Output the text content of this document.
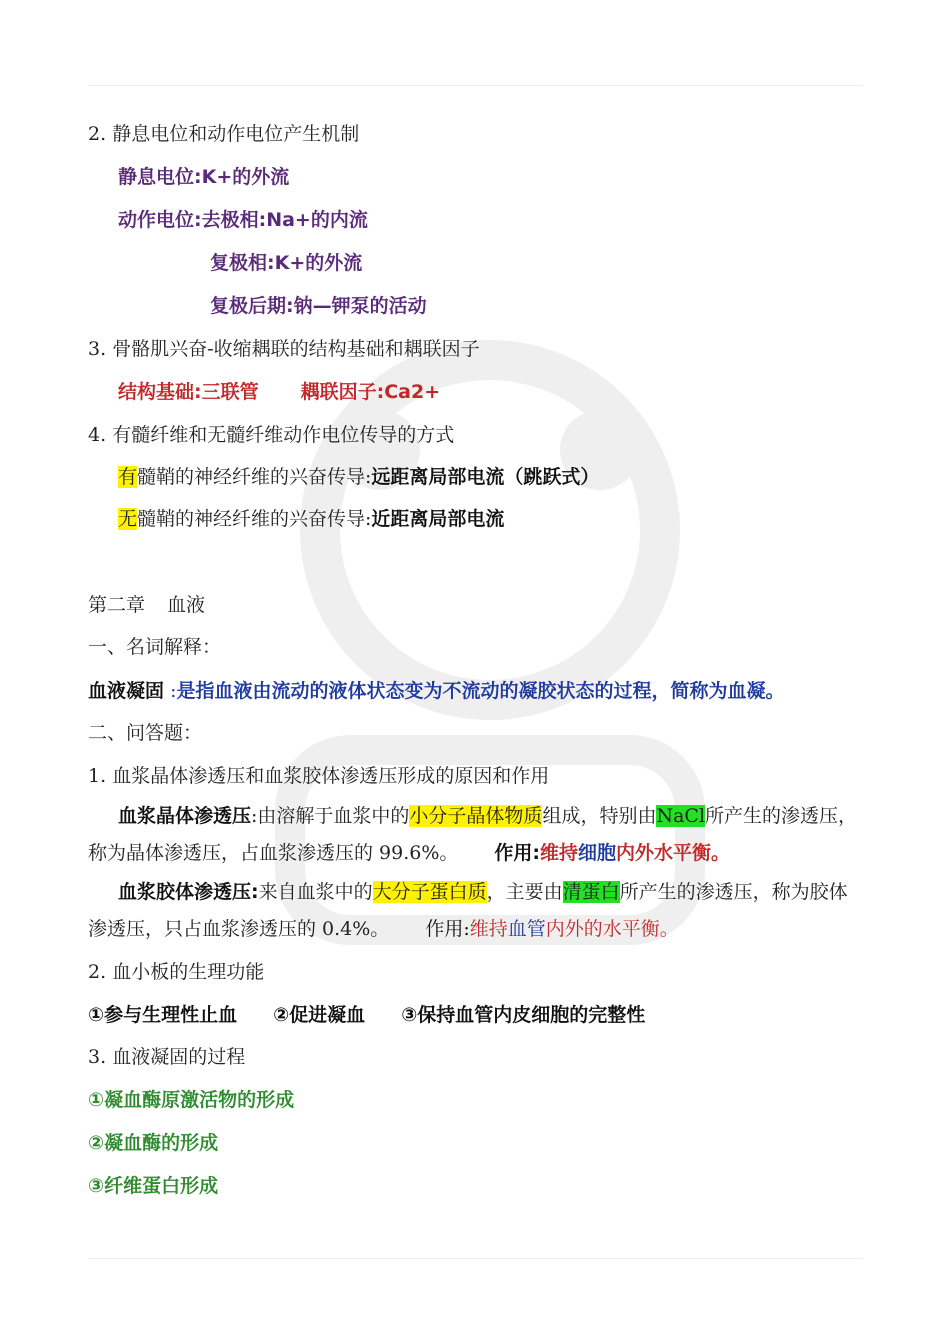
2. 静息电位和动作电位产生机制
静息电位:K+的外流
动作电位:去极相:Na+的内流
复极相:K+的外流
复极后期:钠—钾泵的活动
3. 骨骼肌兴奋-收缩耦联的结构基础和耦联因子
结构基础:三联管 耦联因子:Ca2+
4. 有髓纤维和无髓纤维动作电位传导的方式
有髓鞘的神经纤维的兴奋传导:远距离局部电流（跳跃式）
无髓鞘的神经纤维的兴奋传导:近距离局部电流
第二章 血液
一、名词解释：
血液凝固 :是指血液由流动的液体状态变为不流动的凝胶状态的过程，简称为血凝。
二、问答题：
1. 血浆晶体渗透压和血浆胶体渗透压形成的原因和作用
血浆晶体渗透压:由溶解于血浆中的小分子晶体物质组成，特别由NaCl所产生的渗透压，称为晶体渗透压，占血浆渗透压的 99.6%。 作用:维持细胞内外水平衡。
血浆胶体渗透压:来自血浆中的大分子蛋白质，主要由清蛋白所产生的渗透压，称为胶体渗透压，只占血浆渗透压的 0.4%。 作用:维持血管内外的水平衡。
2. 血小板的生理功能
①参与生理性止血 ②促进凝血 ③保持血管内皮细胞的完整性
3. 血液凝固的过程
①凝血酶原激活物的形成
②凝血酶的形成
③纤维蛋白形成
